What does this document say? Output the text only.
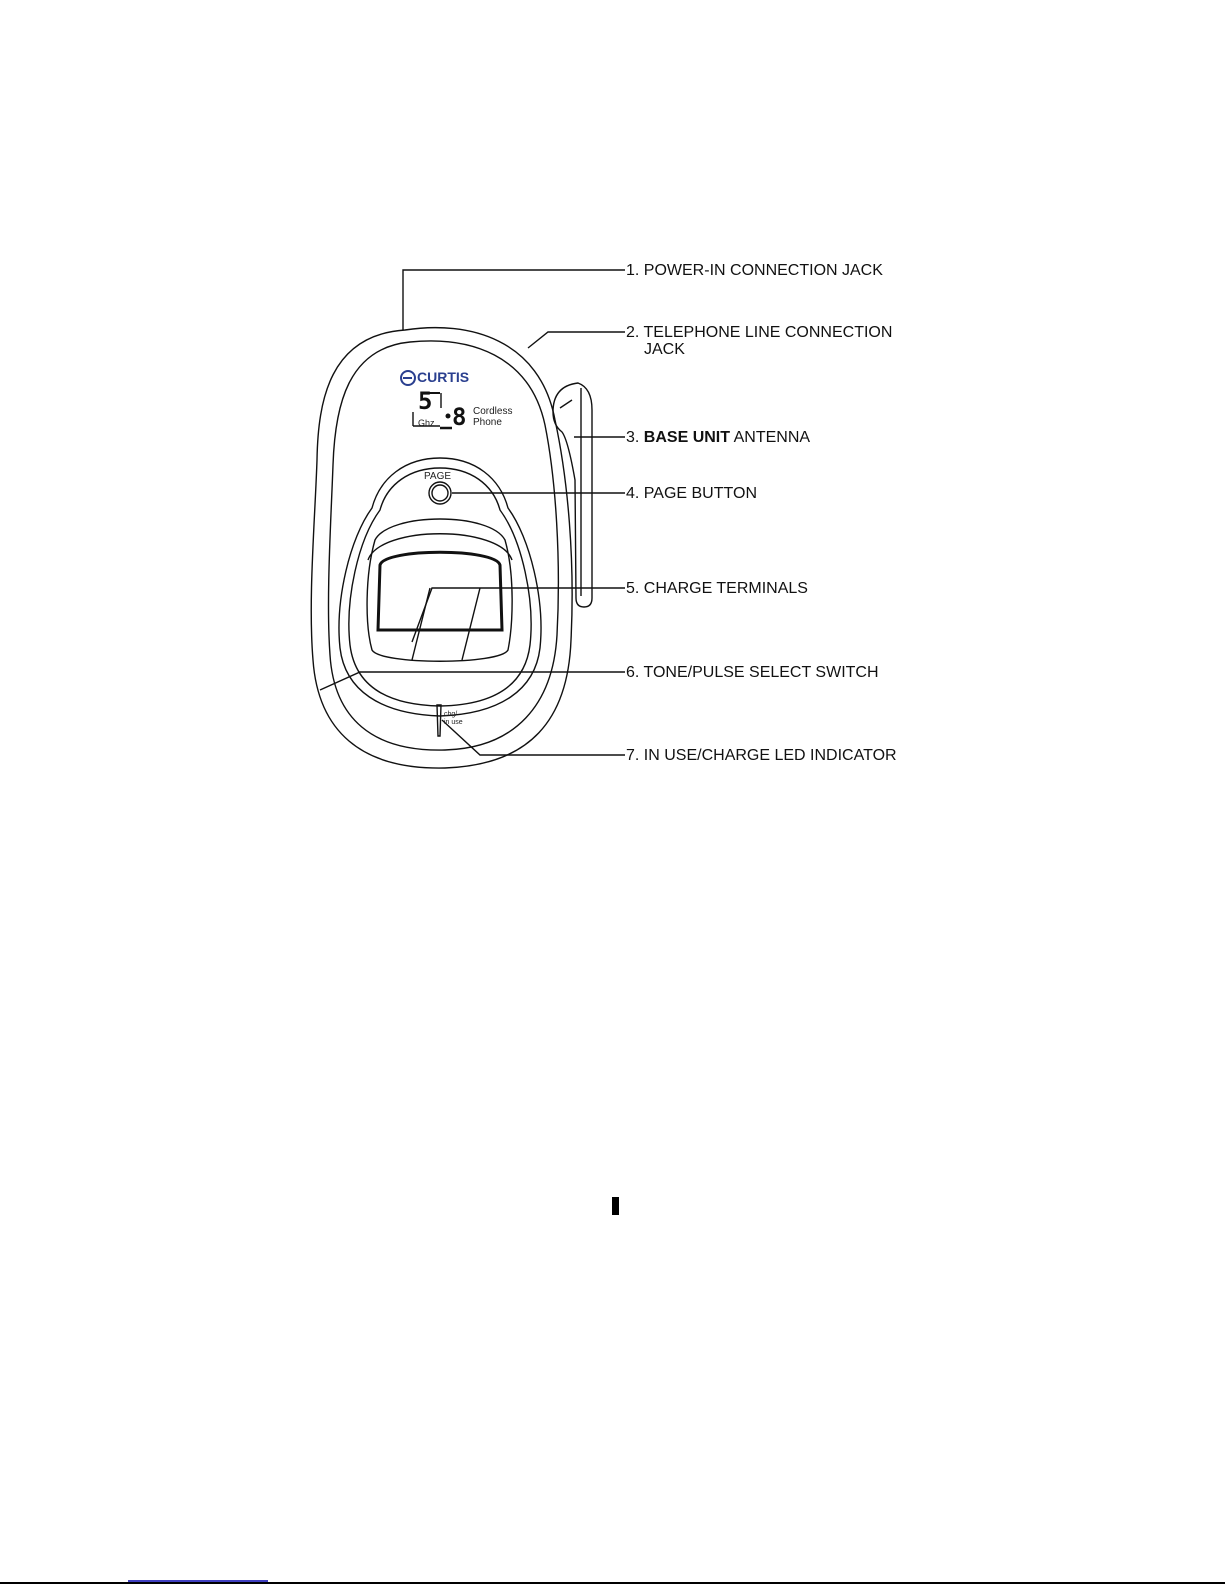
CURTIS
5
8
Ghz
Cordless
Phone
PAGE
chg/
in use
1. POWER-IN CONNECTION JACK
2. TELEPHONE LINE CONNECTION
JACK
3. BASE UNIT ANTENNA
4. PAGE BUTTON
5. CHARGE TERMINALS
6. TONE/PULSE SELECT SWITCH
7. IN USE/CHARGE LED INDICATOR
